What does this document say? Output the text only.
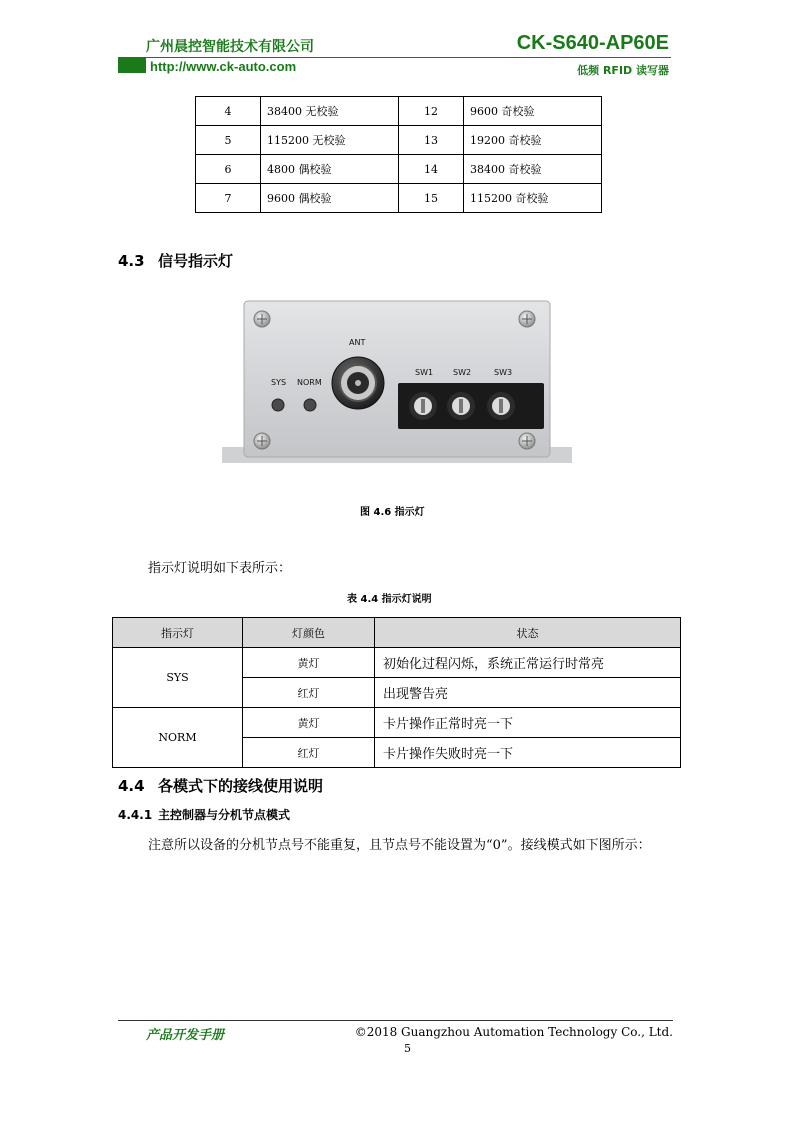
广州晨控智能技术有限公司	CK-S640-AP60E
http://www.ck-auto.com	低频 RFID 读写器
4	38400 无校验	12	9600 奇校验
5	115200 无校验	13	19200 奇校验
6	4800 偶校验	14	38400 奇校验
7	9600 偶校验	15	115200 奇校验
4.3 信号指示灯
ANT
SYS NORM
SW1 SW2	SW3
图 4.6 指示灯
指示灯说明如下表所示：
表 4.4 指示灯说明
指示灯	灯颜色	状态
SYS	黄灯	初始化过程闪烁，系统正常运行时常亮
	红灯	出现警告亮
NORM	黄灯	卡片操作正常时亮一下
	红灯	卡片操作失败时亮一下
4.4 各模式下的接线使用说明
4.4.1 主控制器与分机节点模式
注意所以设备的分机节点号不能重复，且节点号不能设置为“0”。接线模式如下图所示：
产品开发手册	©2018 Guangzhou Automation Technology Co., Ltd.
5
